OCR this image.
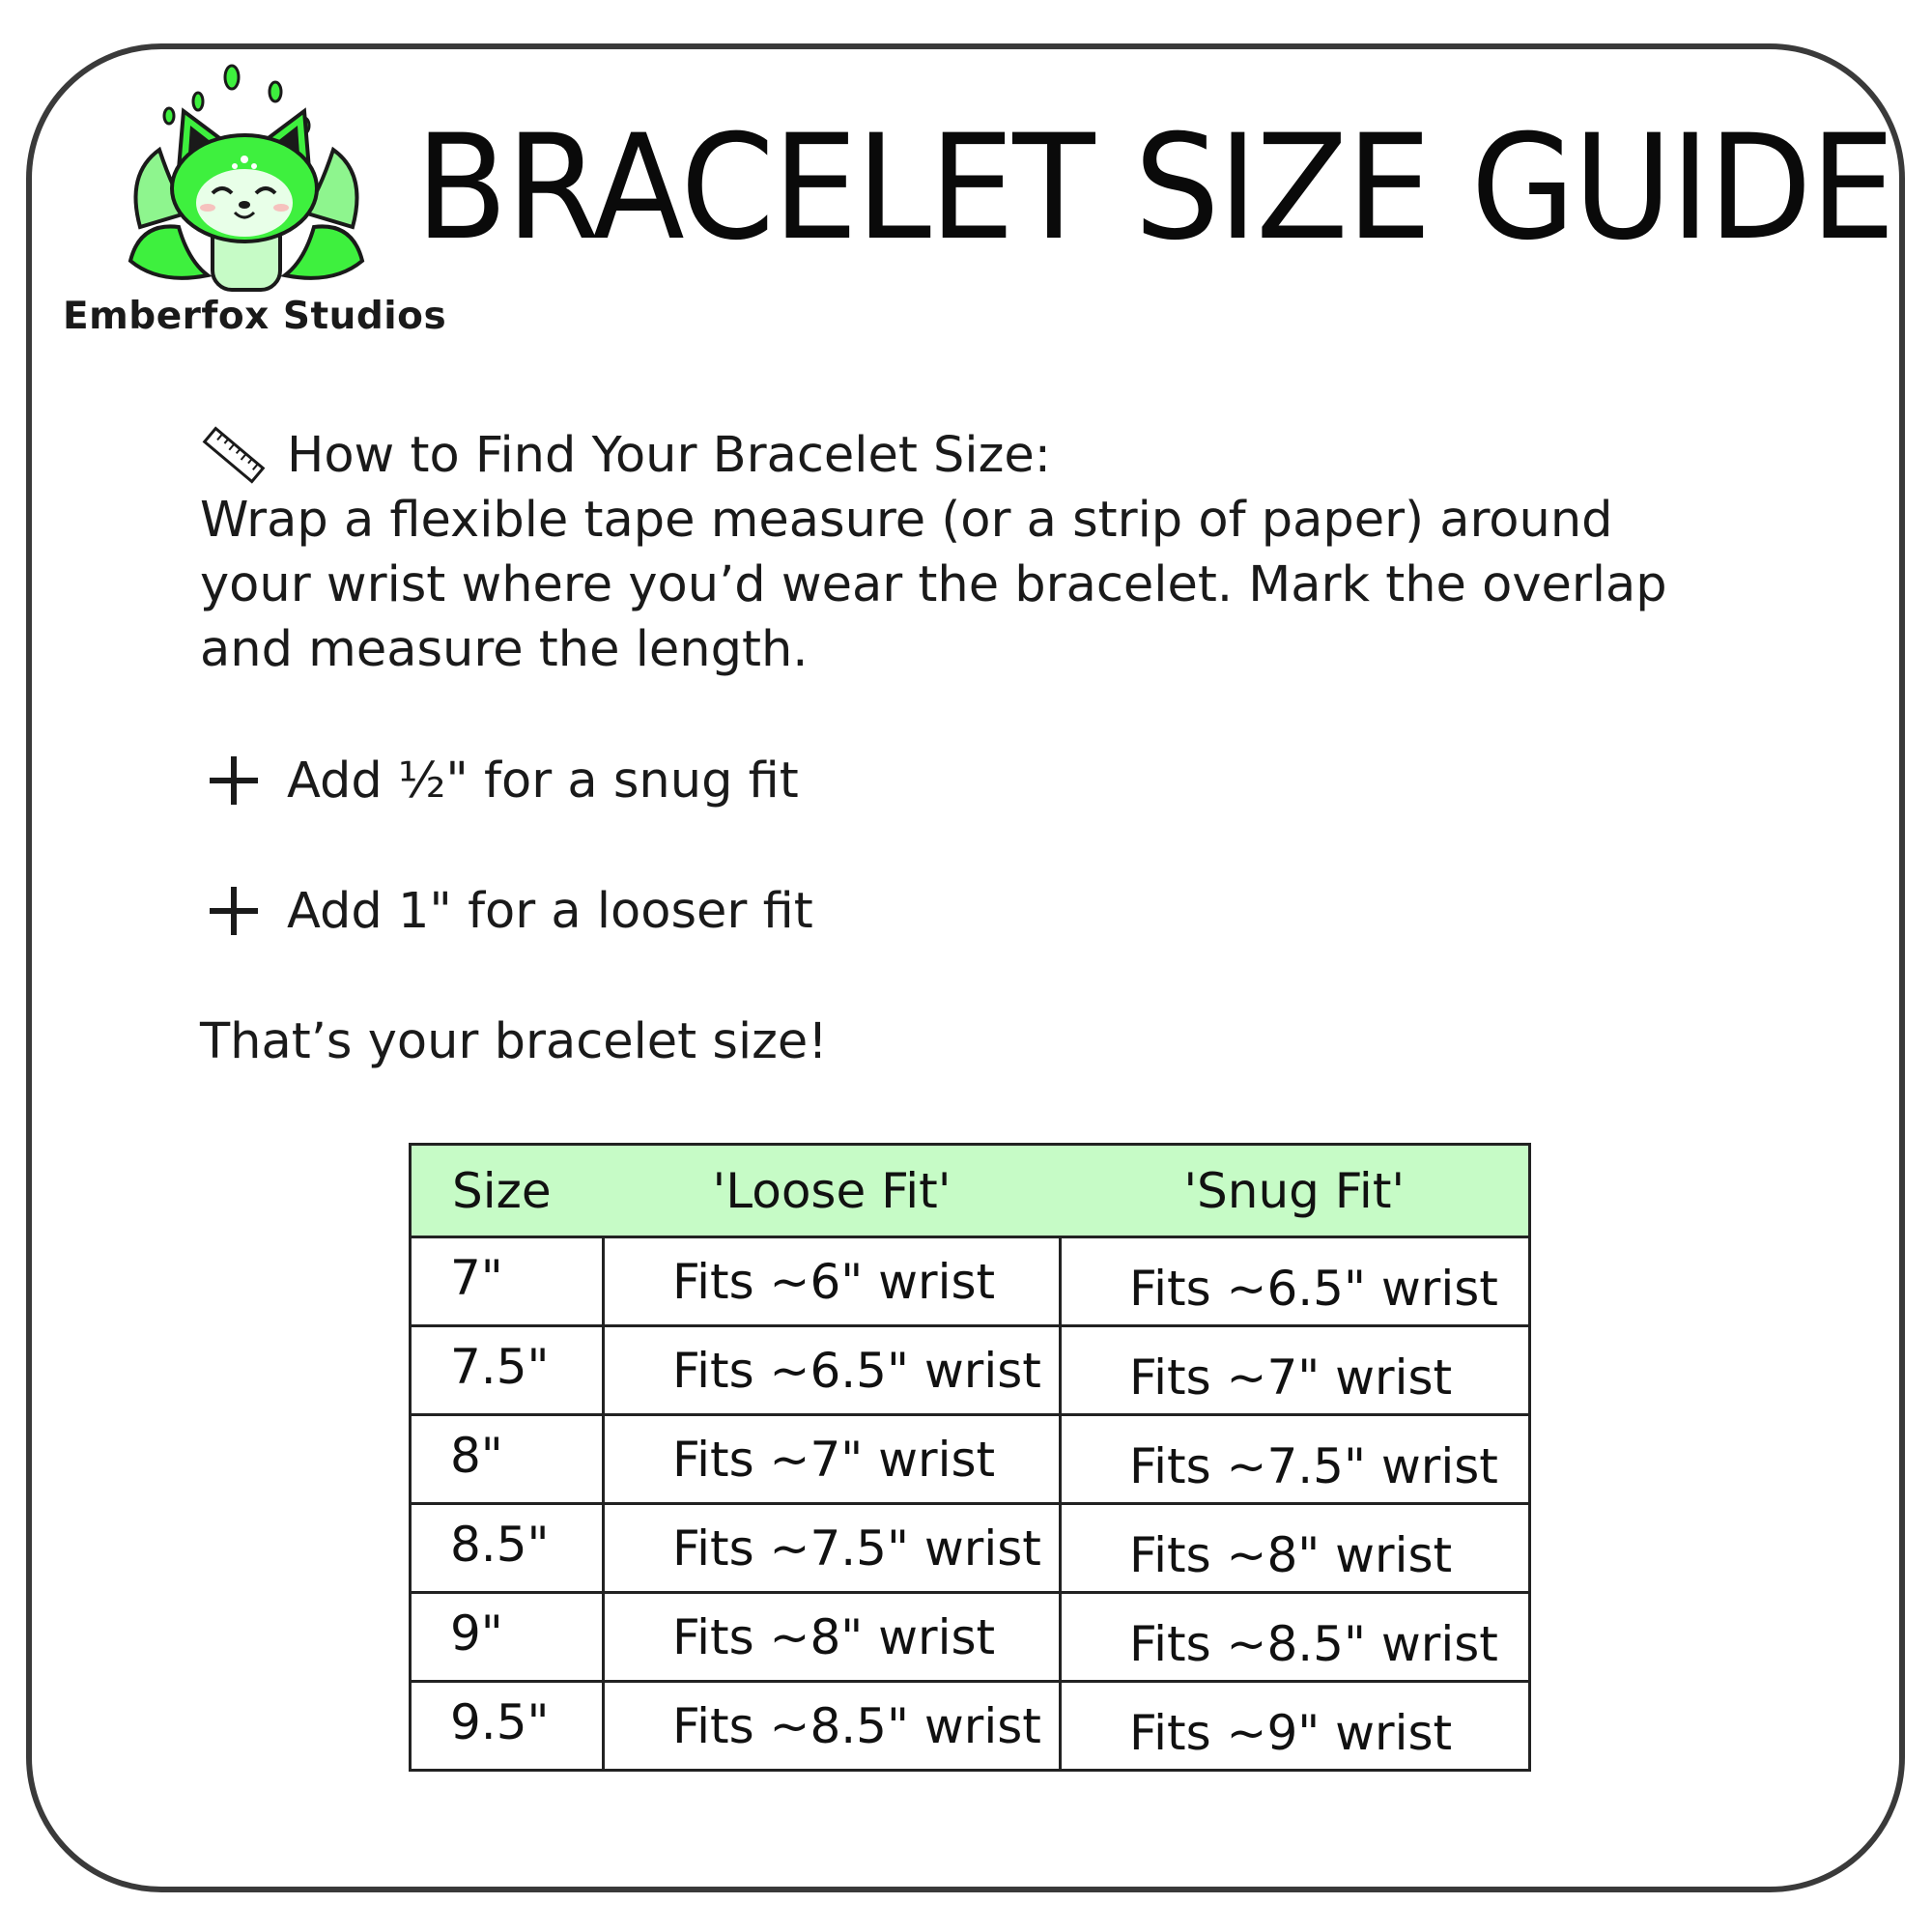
Emberfox Studios
BRACELET SIZE GUIDE
How to Find Your Bracelet Size:
Wrap a flexible tape measure (or a strip of paper) around
your wrist where you’d wear the bracelet. Mark the overlap
and measure the length.
Add ½" for a snug fit
Add 1" for a looser fit
That’s your bracelet size!
Size	'Loose Fit'	'Snug Fit'
7"	Fits ~6" wrist	Fits ~6.5" wrist
7.5"	Fits ~6.5" wrist	Fits ~7" wrist
8"	Fits ~7" wrist	Fits ~7.5" wrist
8.5"	Fits ~7.5" wrist	Fits ~8" wrist
9"	Fits ~8" wrist	Fits ~8.5" wrist
9.5"	Fits ~8.5" wrist	Fits ~9" wrist
